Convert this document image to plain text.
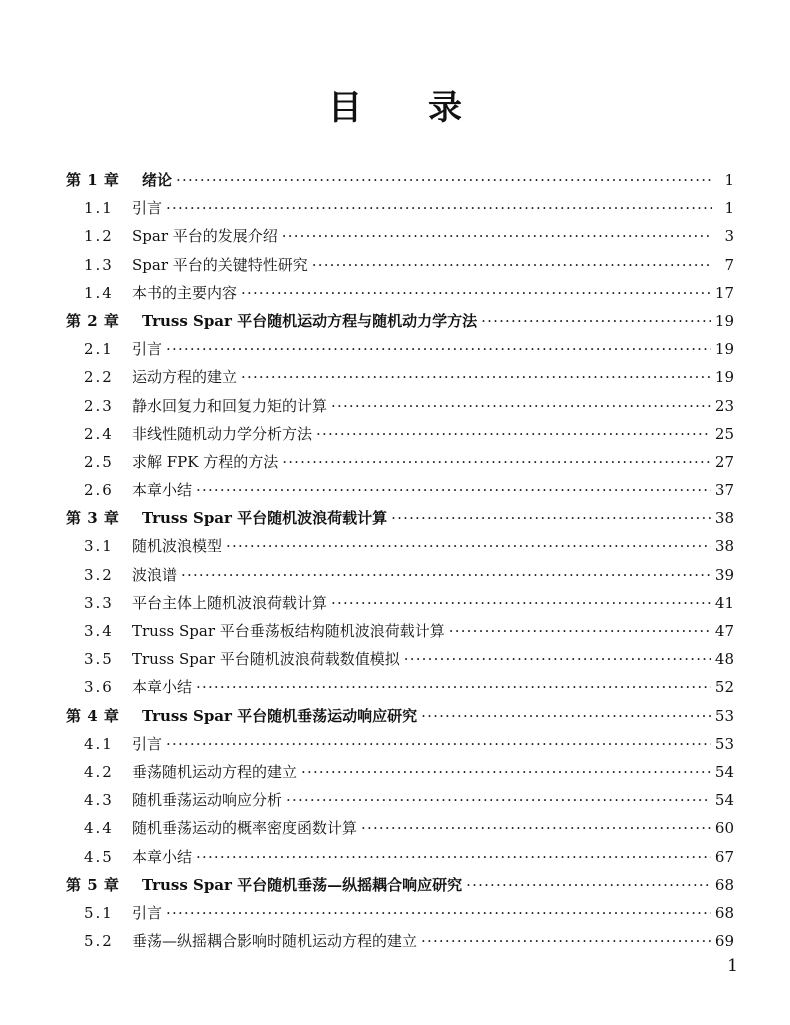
目录
第 1 章	绪论 ·····	1
1.1	引言 ·····	1
1.2	Spar 平台的发展介绍 ·····	3
1.3	Spar 平台的关键特性研究 ·····	7
1.4	本书的主要内容 ·····	17
第 2 章	Truss Spar 平台随机运动方程与随机动力学方法 ·····	19
2.1	引言 ·····	19
2.2	运动方程的建立 ·····	19
2.3	静水回复力和回复力矩的计算 ·····	23
2.4	非线性随机动力学分析方法 ·····	25
2.5	求解 FPK 方程的方法 ·····	27
2.6	本章小结 ·····	37
第 3 章	Truss Spar 平台随机波浪荷载计算 ·····	38
3.1	随机波浪模型 ·····	38
3.2	波浪谱 ·····	39
3.3	平台主体上随机波浪荷载计算 ·····	41
3.4	Truss Spar 平台垂荡板结构随机波浪荷载计算 ·····	47
3.5	Truss Spar 平台随机波浪荷载数值模拟 ·····	48
3.6	本章小结 ·····	52
第 4 章	Truss Spar 平台随机垂荡运动响应研究 ·····	53
4.1	引言 ·····	53
4.2	垂荡随机运动方程的建立 ·····	54
4.3	随机垂荡运动响应分析 ·····	54
4.4	随机垂荡运动的概率密度函数计算 ·····	60
4.5	本章小结 ·····	67
第 5 章	Truss Spar 平台随机垂荡—纵摇耦合响应研究 ·····	68
5.1	引言 ·····	68
5.2	垂荡—纵摇耦合影响时随机运动方程的建立 ·····	69
1
